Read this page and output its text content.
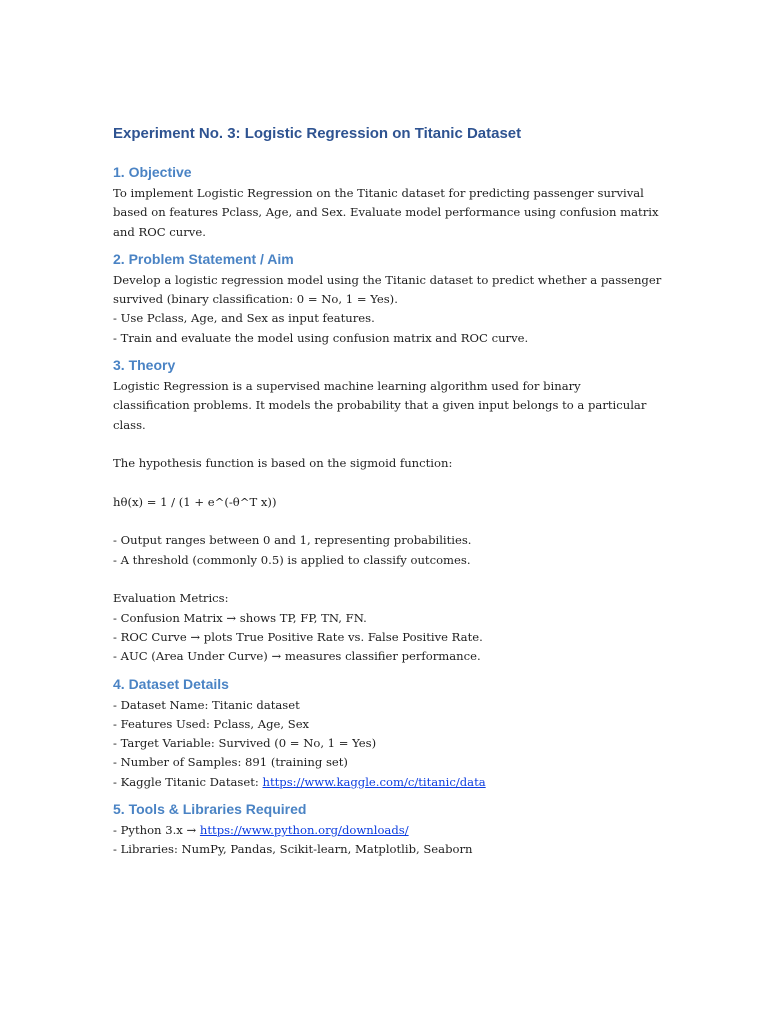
Experiment No. 3: Logistic Regression on Titanic Dataset
1. Objective
To implement Logistic Regression on the Titanic dataset for predicting passenger survival
based on features Pclass, Age, and Sex. Evaluate model performance using confusion matrix
and ROC curve.
2. Problem Statement / Aim
Develop a logistic regression model using the Titanic dataset to predict whether a passenger
survived (binary classification: 0 = No, 1 = Yes).
- Use Pclass, Age, and Sex as input features.
- Train and evaluate the model using confusion matrix and ROC curve.
3. Theory
Logistic Regression is a supervised machine learning algorithm used for binary
classification problems. It models the probability that a given input belongs to a particular
class.
The hypothesis function is based on the sigmoid function:
hθ(x) = 1 / (1 + e^(-θ^T x))
- Output ranges between 0 and 1, representing probabilities.
- A threshold (commonly 0.5) is applied to classify outcomes.
Evaluation Metrics:
- Confusion Matrix → shows TP, FP, TN, FN.
- ROC Curve → plots True Positive Rate vs. False Positive Rate.
- AUC (Area Under Curve) → measures classifier performance.
4. Dataset Details
- Dataset Name: Titanic dataset
- Features Used: Pclass, Age, Sex
- Target Variable: Survived (0 = No, 1 = Yes)
- Number of Samples: 891 (training set)
- Kaggle Titanic Dataset: https://www.kaggle.com/c/titanic/data
5. Tools & Libraries Required
- Python 3.x → https://www.python.org/downloads/
- Libraries: NumPy, Pandas, Scikit-learn, Matplotlib, Seaborn
